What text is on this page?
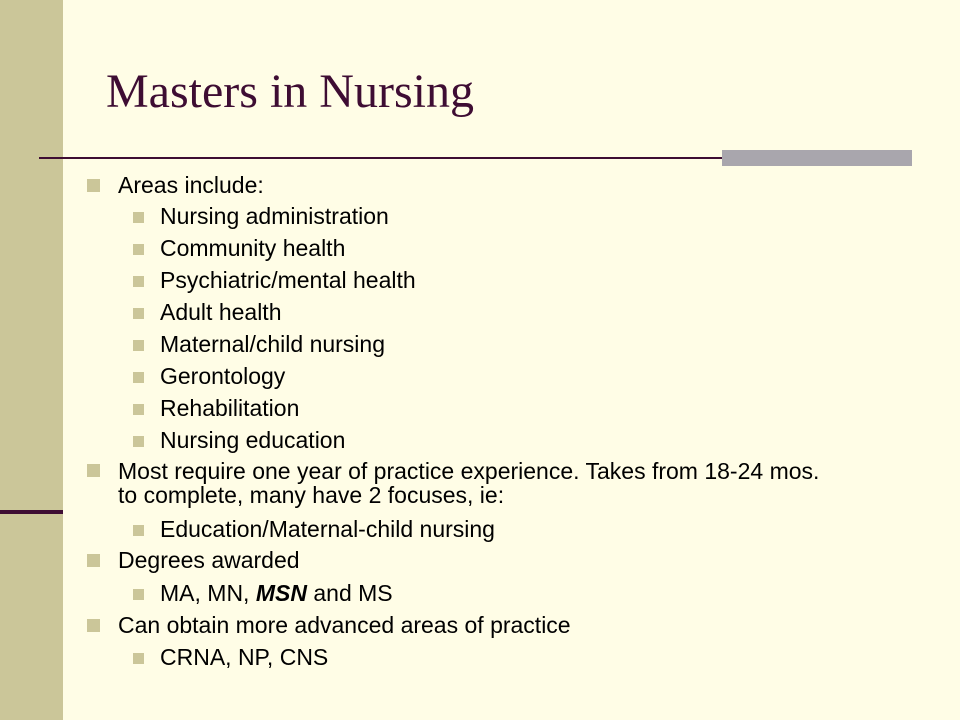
Masters in Nursing
Areas include:
Nursing administration
Community health
Psychiatric/mental health
Adult health
Maternal/child nursing
Gerontology
Rehabilitation
Nursing education
Most require one year of practice experience. Takes from 18-24 mos.
to complete, many have 2 focuses, ie:
Education/Maternal-child nursing
Degrees awarded
MA, MN, MSN and MS
Can obtain more advanced areas of practice
CRNA, NP, CNS
